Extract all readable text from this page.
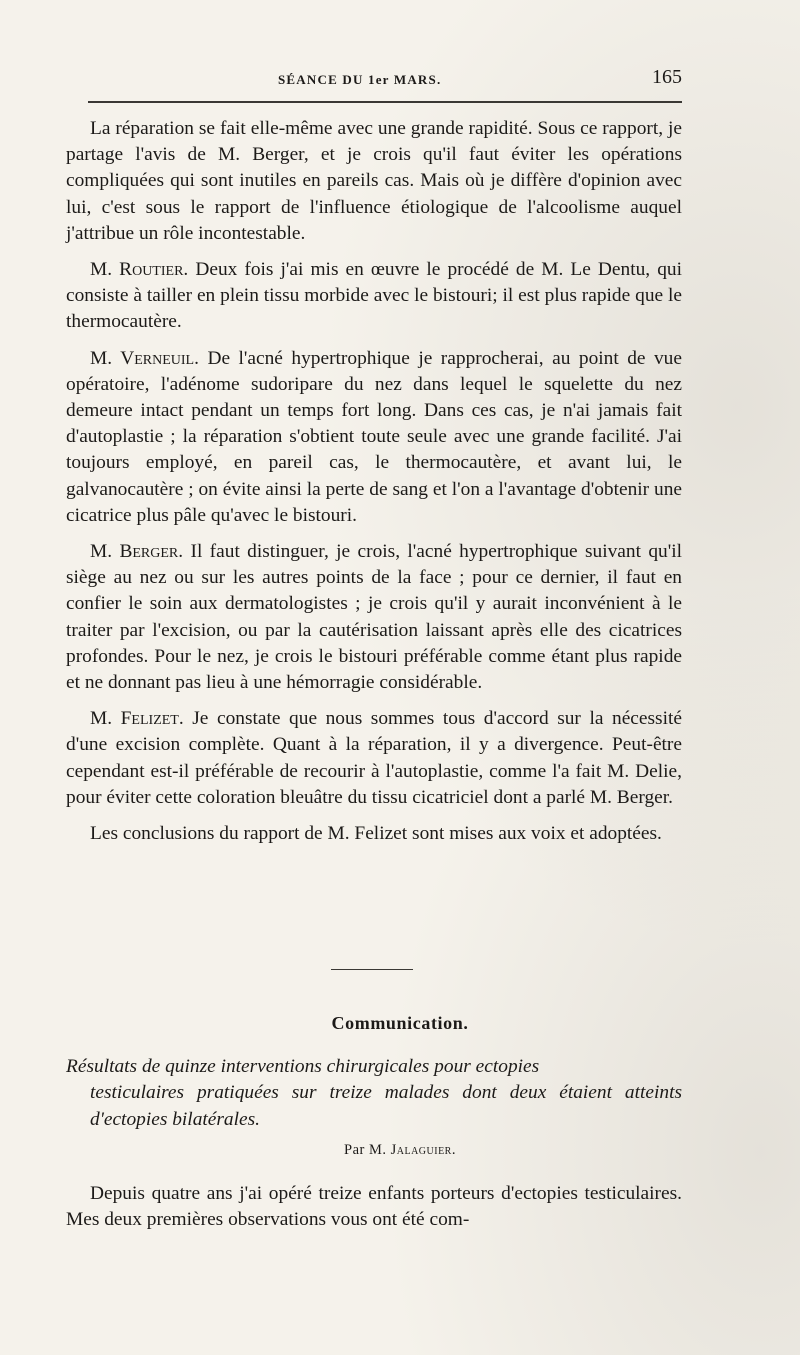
SÉANCE DU 1er MARS.	165

La réparation se fait elle-même avec une grande rapidité. Sous ce rapport, je partage l'avis de M. Berger, et je crois qu'il faut éviter les opérations compliquées qui sont inutiles en pareils cas. Mais où je diffère d'opinion avec lui, c'est sous le rapport de l'influence étiologique de l'alcoolisme auquel j'attribue un rôle incontestable.

M. Routier. Deux fois j'ai mis en œuvre le procédé de M. Le Dentu, qui consiste à tailler en plein tissu morbide avec le bistouri; il est plus rapide que le thermocautère.

M. Verneuil. De l'acné hypertrophique je rapprocherai, au point de vue opératoire, l'adénome sudoripare du nez dans lequel le squelette du nez demeure intact pendant un temps fort long. Dans ces cas, je n'ai jamais fait d'autoplastie ; la réparation s'obtient toute seule avec une grande facilité. J'ai toujours employé, en pareil cas, le thermocautère, et avant lui, le galvanocautère ; on évite ainsi la perte de sang et l'on a l'avantage d'obtenir une cicatrice plus pâle qu'avec le bistouri.

M. Berger. Il faut distinguer, je crois, l'acné hypertrophique suivant qu'il siège au nez ou sur les autres points de la face ; pour ce dernier, il faut en confier le soin aux dermatologistes ; je crois qu'il y aurait inconvénient à le traiter par l'excision, ou par la cautérisation laissant après elle des cicatrices profondes. Pour le nez, je crois le bistouri préférable comme étant plus rapide et ne donnant pas lieu à une hémorragie considérable.

M. Felizet. Je constate que nous sommes tous d'accord sur la nécessité d'une excision complète. Quant à la réparation, il y a divergence. Peut-être cependant est-il préférable de recourir à l'autoplastie, comme l'a fait M. Delie, pour éviter cette coloration bleuâtre du tissu cicatriciel dont a parlé M. Berger.

Les conclusions du rapport de M. Felizet sont mises aux voix et adoptées.

Communication.
Résultats de quinze interventions chirurgicales pour ectopies
testiculaires pratiquées sur treize malades dont deux étaient atteints d'ectopies bilatérales.
Par M. Jalaguier.

Depuis quatre ans j'ai opéré treize enfants porteurs d'ectopies testiculaires. Mes deux premières observations vous ont été com-
